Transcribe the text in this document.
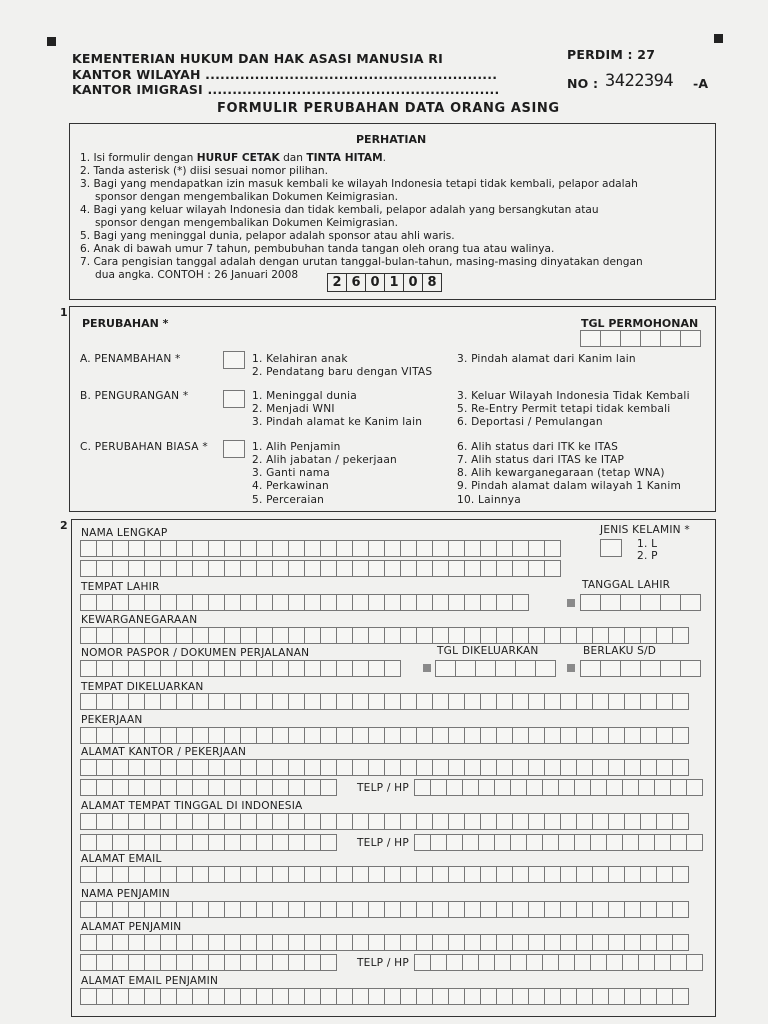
KEMENTERIAN HUKUM DAN HAK ASASI MANUSIA RI
KANTOR WILAYAH ...........................................................
KANTOR IMIGRASI ...........................................................
PERDIM : 27
NO : 3422394 -A
FORMULIR PERUBAHAN DATA ORANG ASING
PERHATIAN
1. Isi formulir dengan HURUF CETAK dan TINTA HITAM.
2. Tanda asterisk (*) diisi sesuai nomor pilihan.
3. Bagi yang mendapatkan izin masuk kembali ke wilayah Indonesia tetapi tidak kembali, pelapor adalah
sponsor dengan mengembalikan Dokumen Keimigrasian.
4. Bagi yang keluar wilayah Indonesia dan tidak kembali, pelapor adalah yang bersangkutan atau
sponsor dengan mengembalikan Dokumen Keimigrasian.
5. Bagi yang meninggal dunia, pelapor adalah sponsor atau ahli waris.
6. Anak di bawah umur 7 tahun, pembubuhan tanda tangan oleh orang tua atau walinya.
7. Cara pengisian tanggal adalah dengan urutan tanggal-bulan-tahun, masing-masing dinyatakan dengan
dua angka. CONTOH : 26 Januari 2008	2 6 0 1 0 8
1
PERUBAHAN *	TGL PERMOHONAN
A. PENAMBAHAN *	1. Kelahiran anak
2. Pendatang baru dengan VITAS
3. Pindah alamat dari Kanim lain
B. PENGURANGAN *	1. Meninggal dunia
2. Menjadi WNI
3. Pindah alamat ke Kanim lain
3. Keluar Wilayah Indonesia Tidak Kembali
5. Re-Entry Permit tetapi tidak kembali
6. Deportasi / Pemulangan
C. PERUBAHAN BIASA *	1. Alih Penjamin
2. Alih jabatan / pekerjaan
3. Ganti nama
4. Perkawinan
5. Perceraian
6. Alih status dari ITK ke ITAS
7. Alih status dari ITAS ke ITAP
8. Alih kewarganegaraan (tetap WNA)
9. Pindah alamat dalam wilayah 1 Kanim
10. Lainnya
2
NAMA LENGKAP	JENIS KELAMIN *
1. L
2. P
TEMPAT LAHIR	TANGGAL LAHIR
KEWARGANEGARAAN
NOMOR PASPOR / DOKUMEN PERJALANAN	TGL DIKELUARKAN	BERLAKU S/D
TEMPAT DIKELUARKAN
PEKERJAAN
ALAMAT KANTOR / PEKERJAAN
TELP / HP
ALAMAT TEMPAT TINGGAL DI INDONESIA
TELP / HP
ALAMAT EMAIL
NAMA PENJAMIN
ALAMAT PENJAMIN
TELP / HP
ALAMAT EMAIL PENJAMIN
